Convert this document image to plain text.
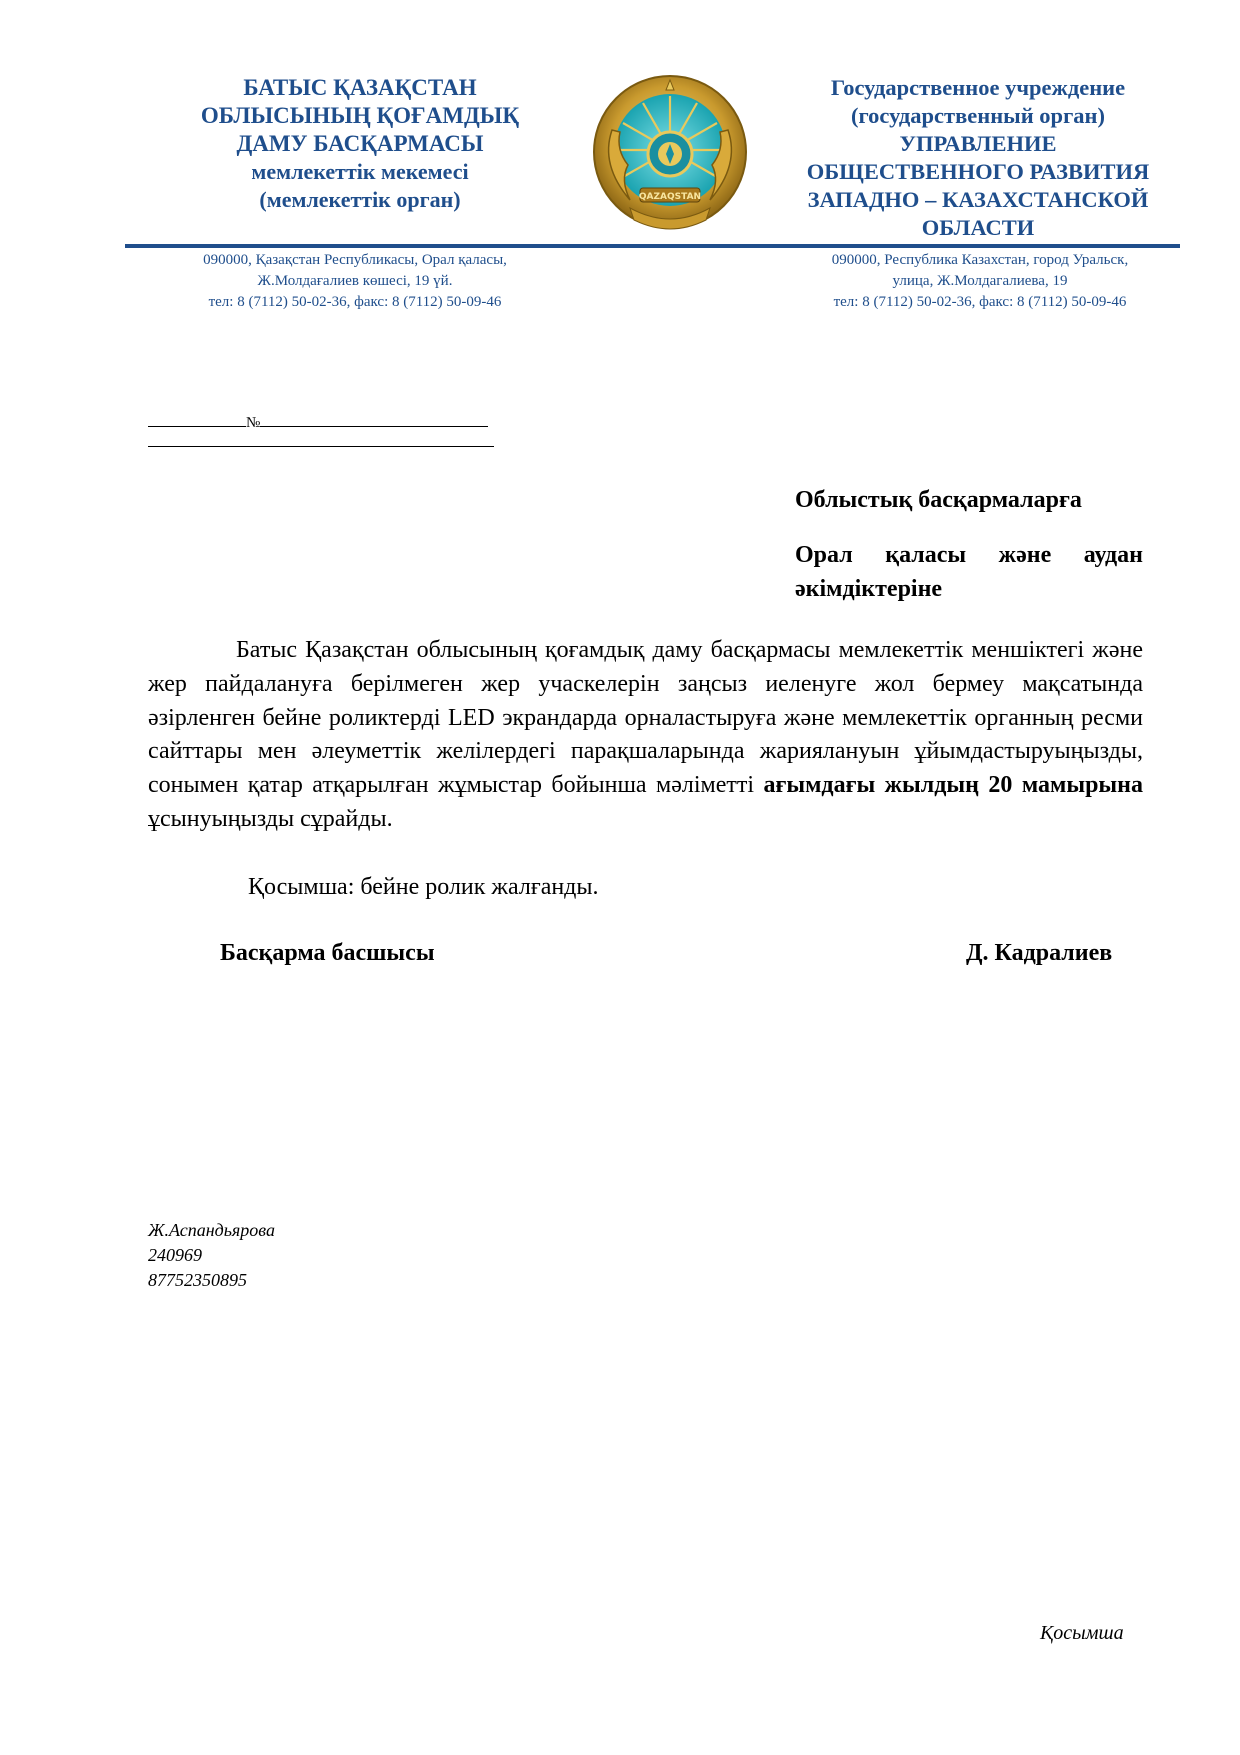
БАТЫС ҚАЗАҚСТАН
ОБЛЫСЫНЫҢ ҚОҒАМДЫҚ
ДАМУ БАСҚАРМАСЫ
мемлекеттік мекемесі
(мемлекеттік орган)	QAZAQSTAN
Государственное учреждение
(государственный орган)
УПРАВЛЕНИЕ
ОБЩЕСТВЕННОГО РАЗВИТИЯ
ЗАПАДНО – КАЗАХСТАНСКОЙ
ОБЛАСТИ
090000, Қазақстан Республикасы, Орал қаласы,
Ж.Молдағалиев көшесі, 19 үй.
тел: 8 (7112) 50-02-36, факс: 8 (7112) 50-09-46
090000, Республика Казахстан, город Уральск,
улица, Ж.Молдагалиева, 19
тел: 8 (7112) 50-02-36, факс: 8 (7112) 50-09-46
№
Облыстық басқармаларға
Орал қаласы және аудан
әкімдіктеріне

Батыс Қазақстан облысының қоғамдық даму басқармасы мемлекеттік меншіктегі және жер пайдалануға берілмеген жер учаскелерін заңсыз иеленуге жол бермеу мақсатында әзірленген бейне роликтерді LED экрандарда орналастыруға және мемлекеттік органның ресми сайттары мен әлеуметтік желілердегі парақшаларында жариялануын ұйымдастыруыңызды, сонымен қатар атқарылған жұмыстар бойынша мәліметті ағымдағы жылдың 20 мамырына ұсынуыңызды сұрайды.

Қосымша: бейне ролик жалғанды.
Басқарма басшысы	Д. Кадралиев
Ж.Аспандьярова
240969
87752350895
Қосымша
